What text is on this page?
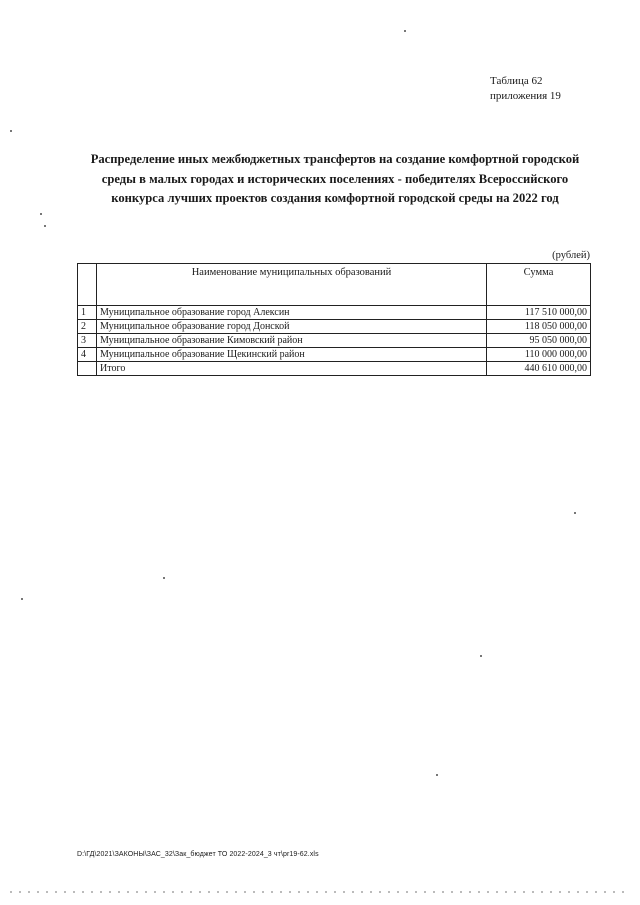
Таблица 62
приложения 19
Распределение иных межбюджетных трансфертов на создание комфортной городской
среды в малых городах и исторических поселениях - победителях Всероссийского
конкурса лучших проектов создания комфортной городской среды на 2022 год
(рублей)
	Наименование муниципальных образований	Сумма
1	Муниципальное образование город Алексин	117 510 000,00
2	Муниципальное образование город Донской	118 050 000,00
3	Муниципальное образование Кимовский район	95 050 000,00
4	Муниципальное образование Щекинский район	110 000 000,00
	Итого	440 610 000,00
D:\ГД\2021\ЗАКОНЫ\ЗАС_32\Зак_бюджет ТО 2022-2024_3 чт\pr19-62.xls
